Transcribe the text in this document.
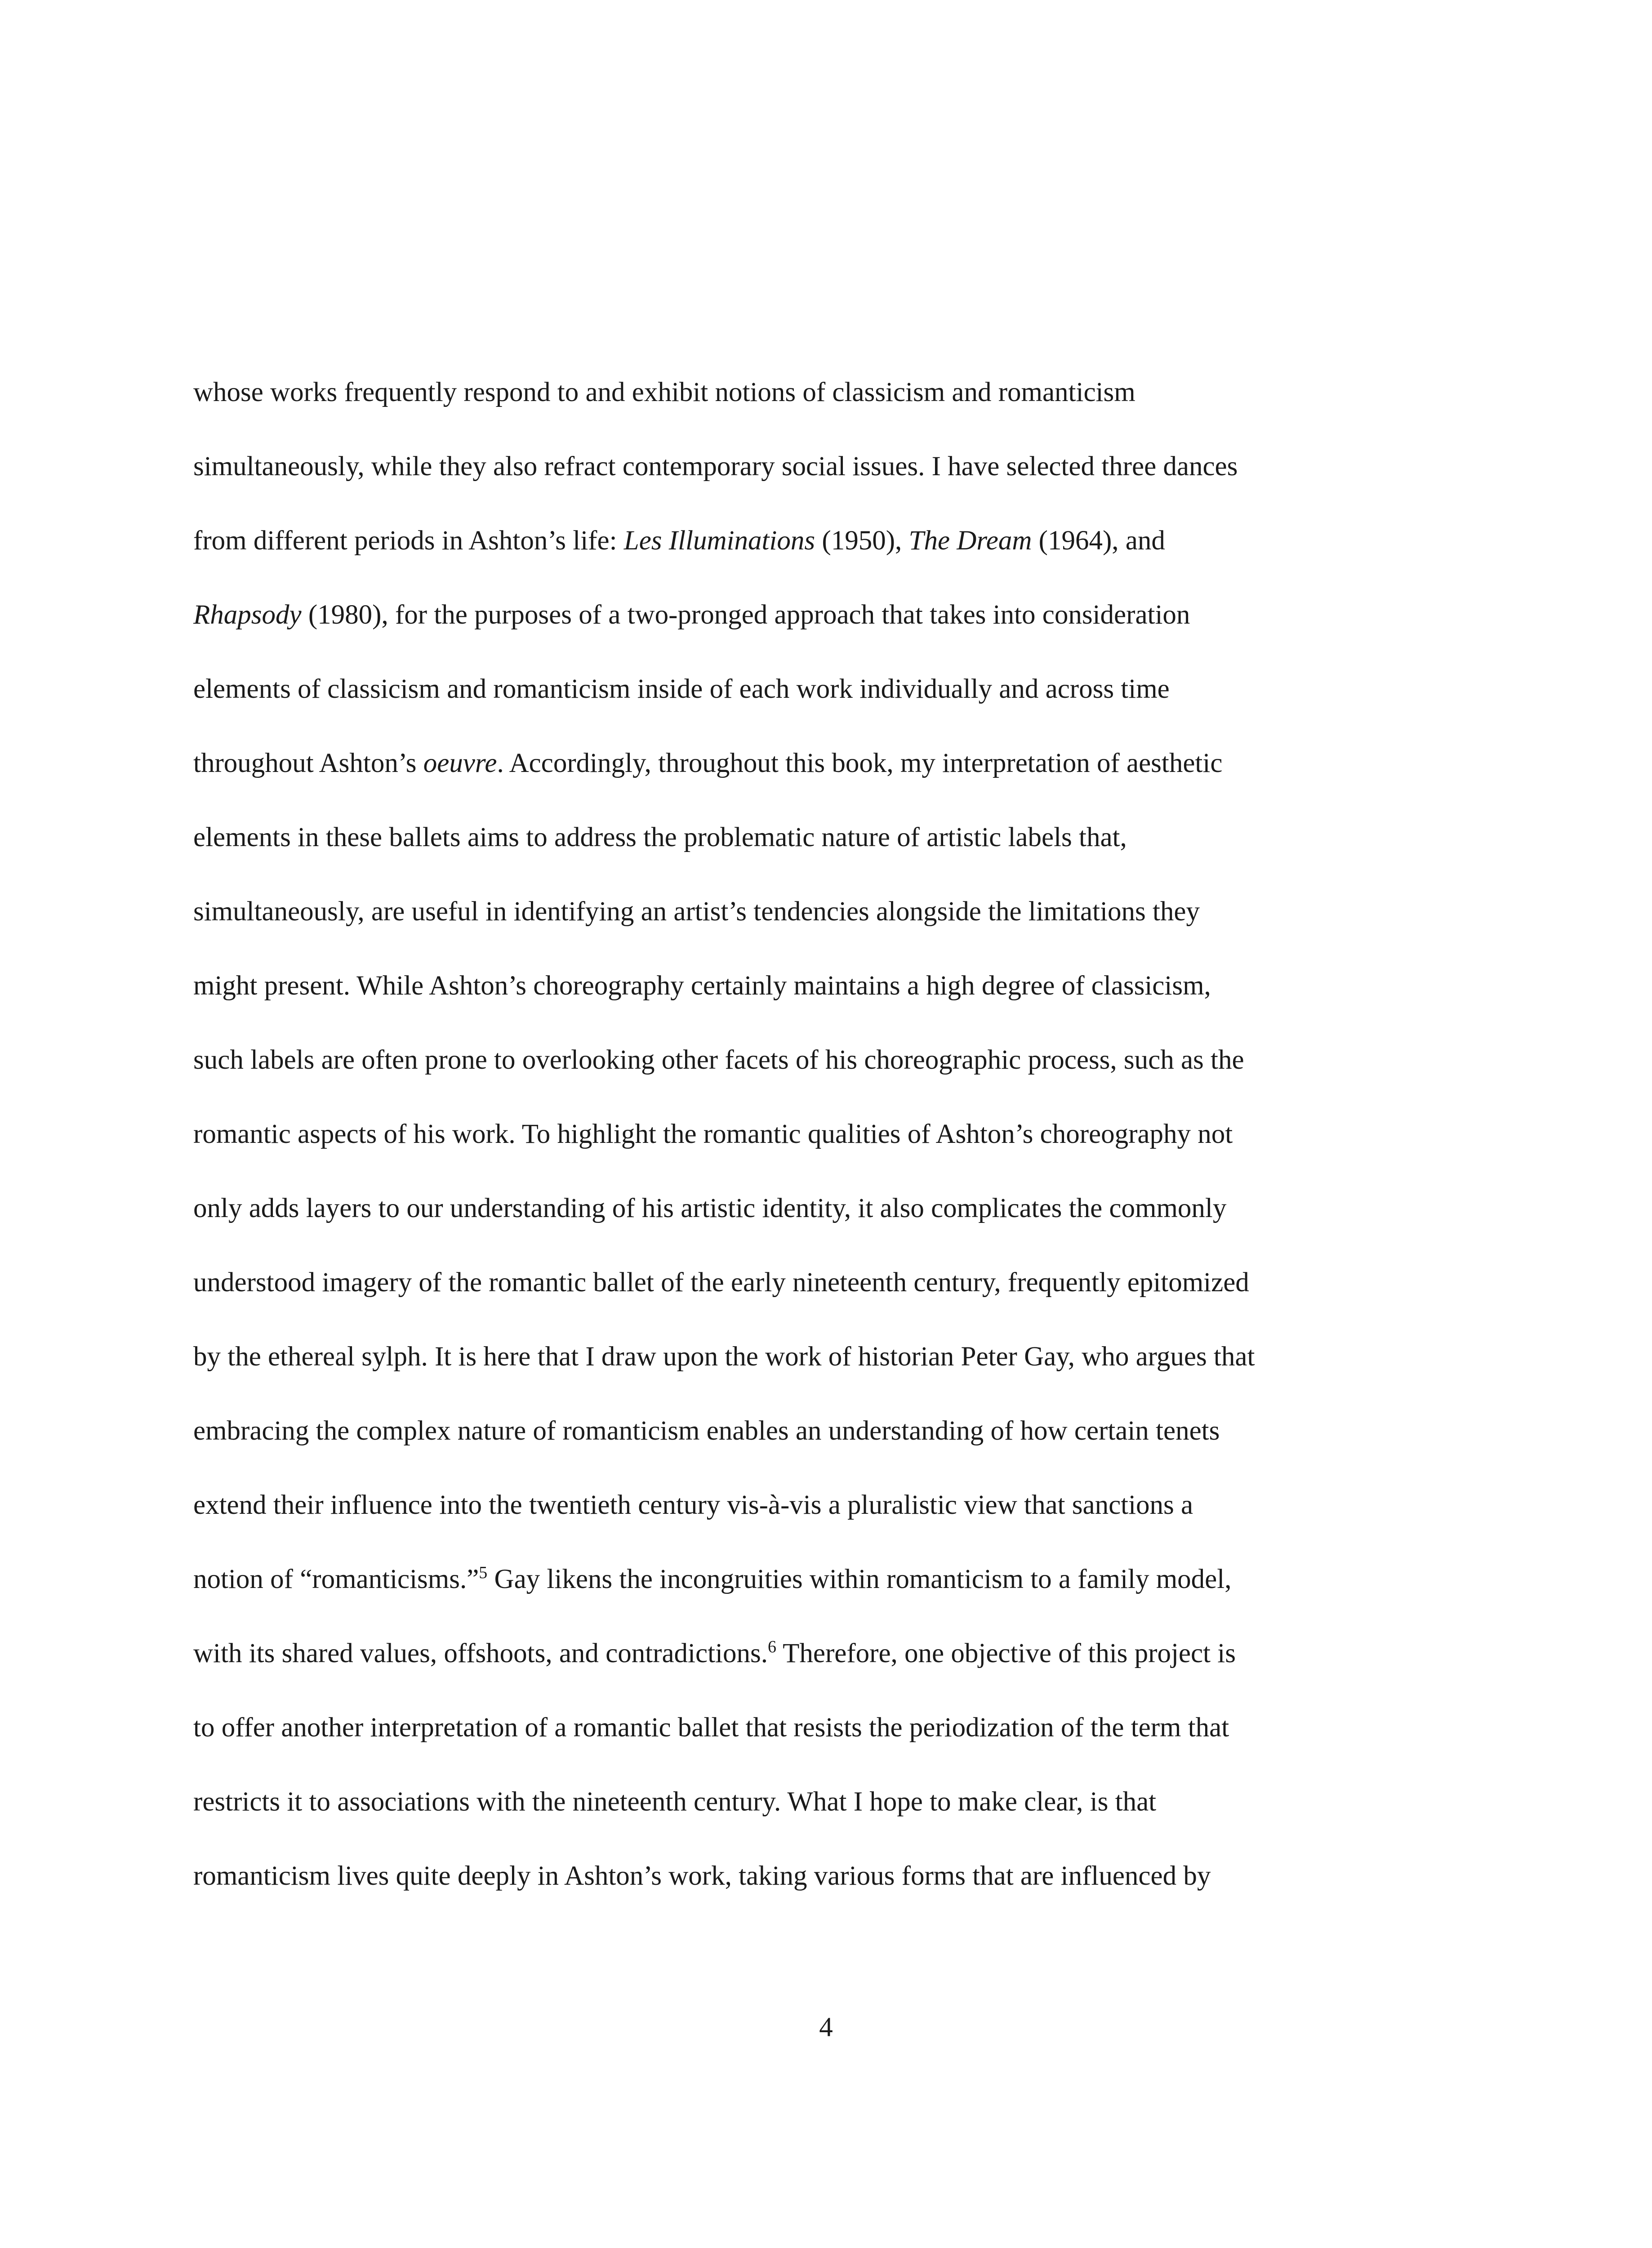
whose works frequently respond to and exhibit notions of classicism and romanticism
simultaneously, while they also refract contemporary social issues. I have selected three dances
from different periods in Ashton’s life: Les Illuminations (1950), The Dream (1964), and
Rhapsody (1980), for the purposes of a two-pronged approach that takes into consideration
elements of classicism and romanticism inside of each work individually and across time
throughout Ashton’s oeuvre. Accordingly, throughout this book, my interpretation of aesthetic
elements in these ballets aims to address the problematic nature of artistic labels that,
simultaneously, are useful in identifying an artist’s tendencies alongside the limitations they
might present. While Ashton’s choreography certainly maintains a high degree of classicism,
such labels are often prone to overlooking other facets of his choreographic process, such as the
romantic aspects of his work. To highlight the romantic qualities of Ashton’s choreography not
only adds layers to our understanding of his artistic identity, it also complicates the commonly
understood imagery of the romantic ballet of the early nineteenth century, frequently epitomized
by the ethereal sylph. It is here that I draw upon the work of historian Peter Gay, who argues that
embracing the complex nature of romanticism enables an understanding of how certain tenets
extend their influence into the twentieth century vis-à-vis a pluralistic view that sanctions a
notion of “romanticisms.”$^5$ Gay likens the incongruities within romanticism to a family model,
with its shared values, offshoots, and contradictions.$^6$ Therefore, one objective of this project is
to offer another interpretation of a romantic ballet that resists the periodization of the term that
restricts it to associations with the nineteenth century. What I hope to make clear, is that
romanticism lives quite deeply in Ashton’s work, taking various forms that are influenced by
4
